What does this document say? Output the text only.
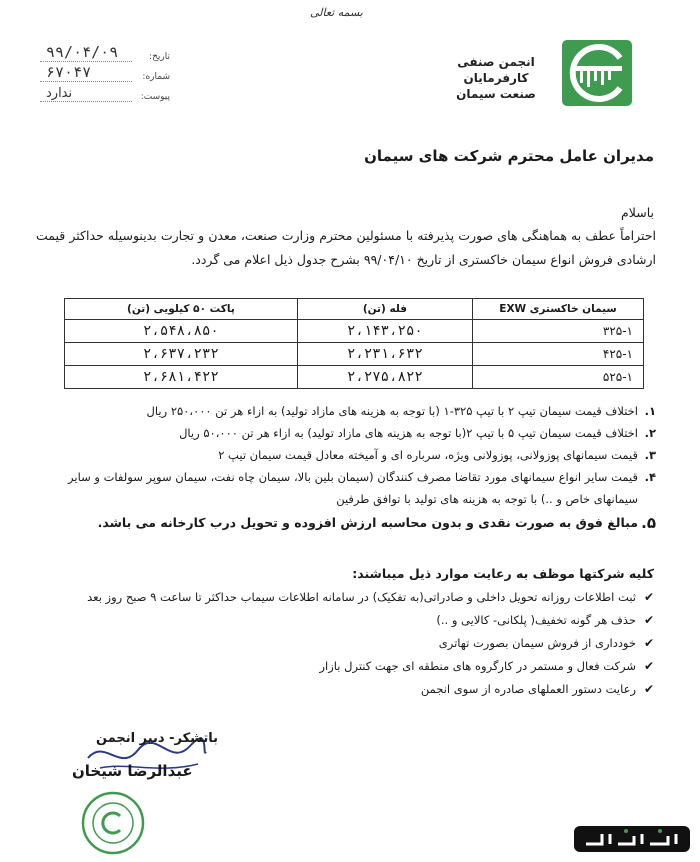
بسمه تعالی
انجمن صنفی
کارفرمایان
صنعت سیمان
۹۹/۰۴/۰۹	تاریخ:
۶۷۰۴۷	شماره:
ندارد	پیوست:
مدیران عامل محترم شرکت های سیمان
باسلام
احتراماً عطف به هماهنگی های صورت پذیرفته با مسئولین محترم وزارت صنعت، معدن و تجارت بدینوسیله حداکثر قیمت ارشادی فروش انواع سیمان خاکستری از تاریخ ۹۹/۰۴/۱۰ بشرح جدول ذیل اعلام می گردد.
پاکت ۵۰ کیلویی (تن)	فله (تن)	سیمان خاکستری EXW
۲،۵۴۸،۸۵۰	۲،۱۴۳،۲۵۰	۳۲۵-۱
۲،۶۳۷،۲۳۲	۲،۲۳۱،۶۳۲	۴۲۵-۱
۲،۶۸۱،۴۲۲	۲،۲۷۵،۸۲۲	۵۲۵-۱
۱.
اختلاف قیمت سیمان تیپ ۲ با تیپ ۳۲۵-۱ (با توجه به هزینه های مازاد تولید) به ازاء هر تن ۲۵۰،۰۰۰ ریال
۲.
اختلاف قیمت سیمان تیپ ۵ با تیپ ۲(با توجه به هزینه های مازاد تولید) به ازاء هر تن ۵۰،۰۰۰ ریال
۳.
قیمت سیمانهای پوزولانی، پوزولانی ویژه، سرباره ای و آمیخته معادل قیمت سیمان تیپ ۲
۴.
قیمت سایر انواع سیمانهای مورد تقاضا مصرف کنندگان (سیمان بلین بالا، سیمان چاه نفت، سیمان سوپر سولفات و سایر سیمانهای خاص و ..) با توجه به هزینه های تولید با توافق طرفین
۵.
مبالغ فوق به صورت نقدی و بدون محاسبه ارزش افزوده و تحویل درب کارخانه می باشد.
کلیه شرکتها موظف به رعایت موارد ذیل میباشند:
✔
ثبت اطلاعات روزانه تحویل داخلی و صادراتی(به تفکیک) در سامانه اطلاعات سیماب حداکثر تا ساعت ۹ صبح روز بعد
✔
حذف هر گونه تخفیف( پلکانی- کالایی و ..)
✔
خودداری از فروش سیمان بصورت تهاتری
✔
شرکت فعال و مستمر در کارگروه های منطقه ای جهت کنترل بازار
✔
رعایت دستور العملهای صادره از سوی انجمن
باتشکر- دبیر انجمن
عبدالرضا شیخان
